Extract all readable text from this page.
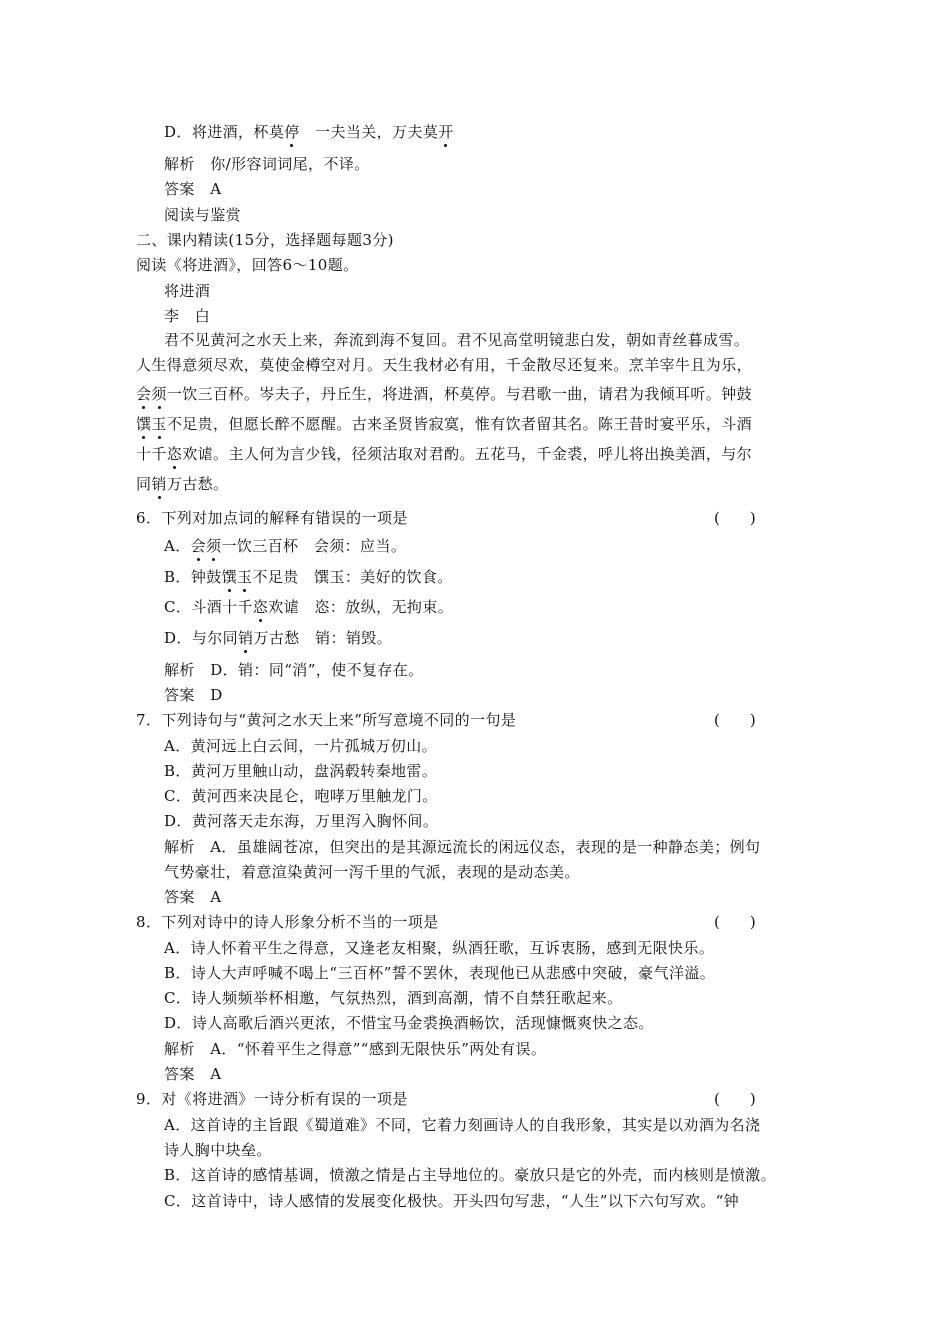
D．将进酒，杯莫停　一夫当关，万夫莫开
解析　你/形容词词尾，不译。
答案　A
阅读与鉴赏
二、课内精读(15分，选择题每题3分)
阅读《将进酒》，回答6～10题。
将进酒
李　白
君不见黄河之水天上来，奔流到海不复回。君不见高堂明镜悲白发，朝如青丝暮成雪。
人生得意须尽欢，莫使金樽空对月。天生我材必有用，千金散尽还复来。烹羊宰牛且为乐，
会须一饮三百杯。岑夫子，丹丘生，将进酒，杯莫停。与君歌一曲，请君为我倾耳听。钟鼓
馔玉不足贵，但愿长醉不愿醒。古来圣贤皆寂寞，惟有饮者留其名。陈王昔时宴平乐，斗酒
十千恣欢谑。主人何为言少钱，径须沽取对君酌。五花马，千金裘，呼儿将出换美酒，与尔
同销万古愁。
6．下列对加点词的解释有错误的一项是	(　　)
A．会须一饮三百杯　会须：应当。
B．钟鼓馔玉不足贵　馔玉：美好的饮食。
C．斗酒十千恣欢谑　恣：放纵，无拘束。
D．与尔同销万古愁　销：销毁。
解析　D．销：同“消”，使不复存在。
答案　D
7．下列诗句与“黄河之水天上来”所写意境不同的一句是	(　　)
A．黄河远上白云间，一片孤城万仞山。
B．黄河万里触山动，盘涡毂转秦地雷。
C．黄河西来决昆仑，咆哮万里触龙门。
D．黄河落天走东海，万里泻入胸怀间。
解析　A．虽雄阔苍凉，但突出的是其源远流长的闲远仪态，表现的是一种静态美；例句
气势豪壮，着意渲染黄河一泻千里的气派，表现的是动态美。
答案　A
8．下列对诗中的诗人形象分析不当的一项是	(　　)
A．诗人怀着平生之得意，又逢老友相聚，纵酒狂歌，互诉衷肠，感到无限快乐。
B．诗人大声呼喊不喝上“三百杯”誓不罢休，表现他已从悲感中突破，豪气洋溢。
C．诗人频频举杯相邀，气氛热烈，酒到高潮，情不自禁狂歌起来。
D．诗人高歌后酒兴更浓，不惜宝马金裘换酒畅饮，活现慷慨爽快之态。
解析　A．“怀着平生之得意”“感到无限快乐”两处有误。
答案　A
9．对《将进酒》一诗分析有误的一项是	(　　)
A．这首诗的主旨跟《蜀道难》不同，它着力刻画诗人的自我形象，其实是以劝酒为名浇
诗人胸中块垒。
B．这首诗的感情基调，愤激之情是占主导地位的。豪放只是它的外壳，而内核则是愤激。
C．这首诗中，诗人感情的发展变化极快。开头四句写悲，“人生”以下六句写欢。“钟
